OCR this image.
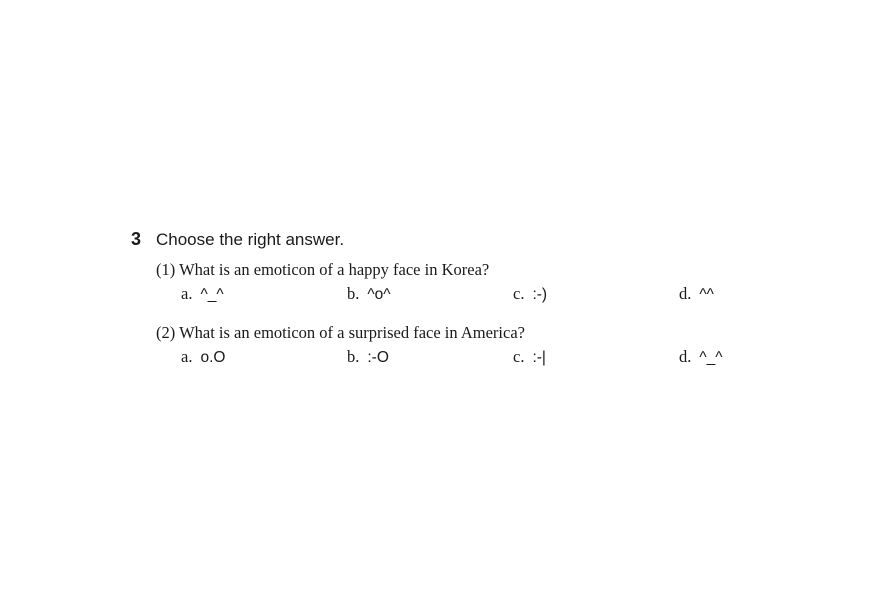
3 Choose the right answer.
(1) What is an emoticon of a happy face in Korea?
a. ^_^	b. ^o^	c. :-)	d. ^^
(2) What is an emoticon of a surprised face in America?
a. o.O	b. :-O	c. :-|	d. ^_^
